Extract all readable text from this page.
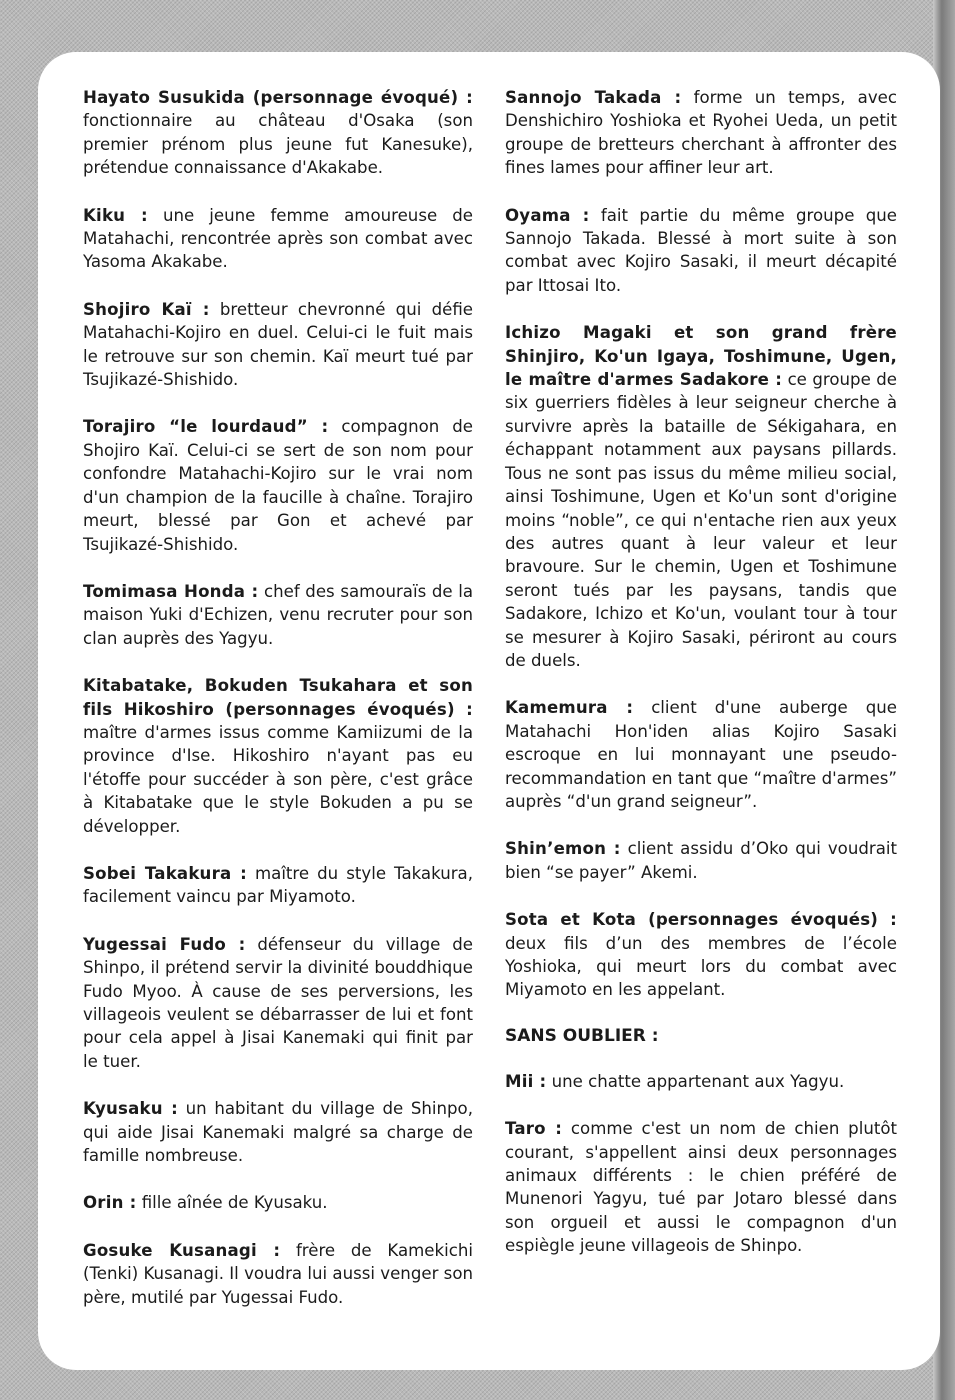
Hayato Susukida (personnage évoqué) : fonctionnaire au château d'Osaka (son premier prénom plus jeune fut Kanesuke), prétendue connaissance d'Akakabe.

Kiku : une jeune femme amoureuse de Matahachi, rencontrée après son combat avec Yasoma Akakabe.

Shojiro Kaï : bretteur chevronné qui défie Matahachi-Kojiro en duel. Celui-ci le fuit mais le retrouve sur son chemin. Kaï meurt tué par Tsujikazé-Shishido.

Torajiro “le lourdaud” : compagnon de Shojiro Kaï. Celui-ci se sert de son nom pour confondre Matahachi-Kojiro sur le vrai nom d'un champion de la faucille à chaîne. Torajiro meurt, blessé par Gon et achevé par Tsujikazé-Shishido.

Tomimasa Honda : chef des samouraïs de la maison Yuki d'Echizen, venu recruter pour son clan auprès des Yagyu.

Kitabatake, Bokuden Tsukahara et son fils Hikoshiro (personnages évoqués) : maître d'armes issus comme Kamiizumi de la province d'Ise. Hikoshiro n'ayant pas eu l'étoffe pour succéder à son père, c'est grâce à Kitabatake que le style Bokuden a pu se développer.

Sobei Takakura : maître du style Takakura, facilement vaincu par Miyamoto.

Yugessai Fudo : défenseur du village de Shinpo, il prétend servir la divinité bouddhique Fudo Myoo. À cause de ses perversions, les villageois veulent se débarrasser de lui et font pour cela appel à Jisai Kanemaki qui finit par le tuer.

Kyusaku : un habitant du village de Shinpo, qui aide Jisai Kanemaki malgré sa charge de famille nombreuse.

Orin : fille aînée de Kyusaku.

Gosuke Kusanagi : frère de Kamekichi (Tenki) Kusanagi. Il voudra lui aussi venger son père, mutilé par Yugessai Fudo.

Sannojo Takada : forme un temps, avec Denshichiro Yoshioka et Ryohei Ueda, un petit groupe de bretteurs cherchant à affronter des fines lames pour affiner leur art.

Oyama : fait partie du même groupe que Sannojo Takada. Blessé à mort suite à son combat avec Kojiro Sasaki, il meurt décapité par Ittosai Ito.

Ichizo Magaki et son grand frère Shinjiro, Ko'un Igaya, Toshimune, Ugen, le maître d'armes Sadakore : ce groupe de six guerriers fidèles à leur seigneur cherche à survivre après la bataille de Sékigahara, en échappant notamment aux paysans pillards. Tous ne sont pas issus du même milieu social, ainsi Toshimune, Ugen et Ko'un sont d'origine moins “noble”, ce qui n'entache rien aux yeux des autres quant à leur valeur et leur bravoure. Sur le chemin, Ugen et Toshimune seront tués par les paysans, tandis que Sadakore, Ichizo et Ko'un, voulant tour à tour se mesurer à Kojiro Sasaki, périront au cours de duels.

Kamemura : client d'une auberge que Matahachi Hon'iden alias Kojiro Sasaki escroque en lui monnayant une pseudo-recommandation en tant que “maître d'armes” auprès “d'un grand seigneur”.

Shin’emon : client assidu d’Oko qui voudrait bien “se payer” Akemi.

Sota et Kota (personnages évoqués) : deux fils d’un des membres de l’école Yoshioka, qui meurt lors du combat avec Miyamoto en les appelant.

SANS OUBLIER :

Mii : une chatte appartenant aux Yagyu.

Taro : comme c'est un nom de chien plutôt courant, s'appellent ainsi deux personnages animaux différents : le chien préféré de Munenori Yagyu, tué par Jotaro blessé dans son orgueil et aussi le compagnon d'un espiègle jeune villageois de Shinpo.
